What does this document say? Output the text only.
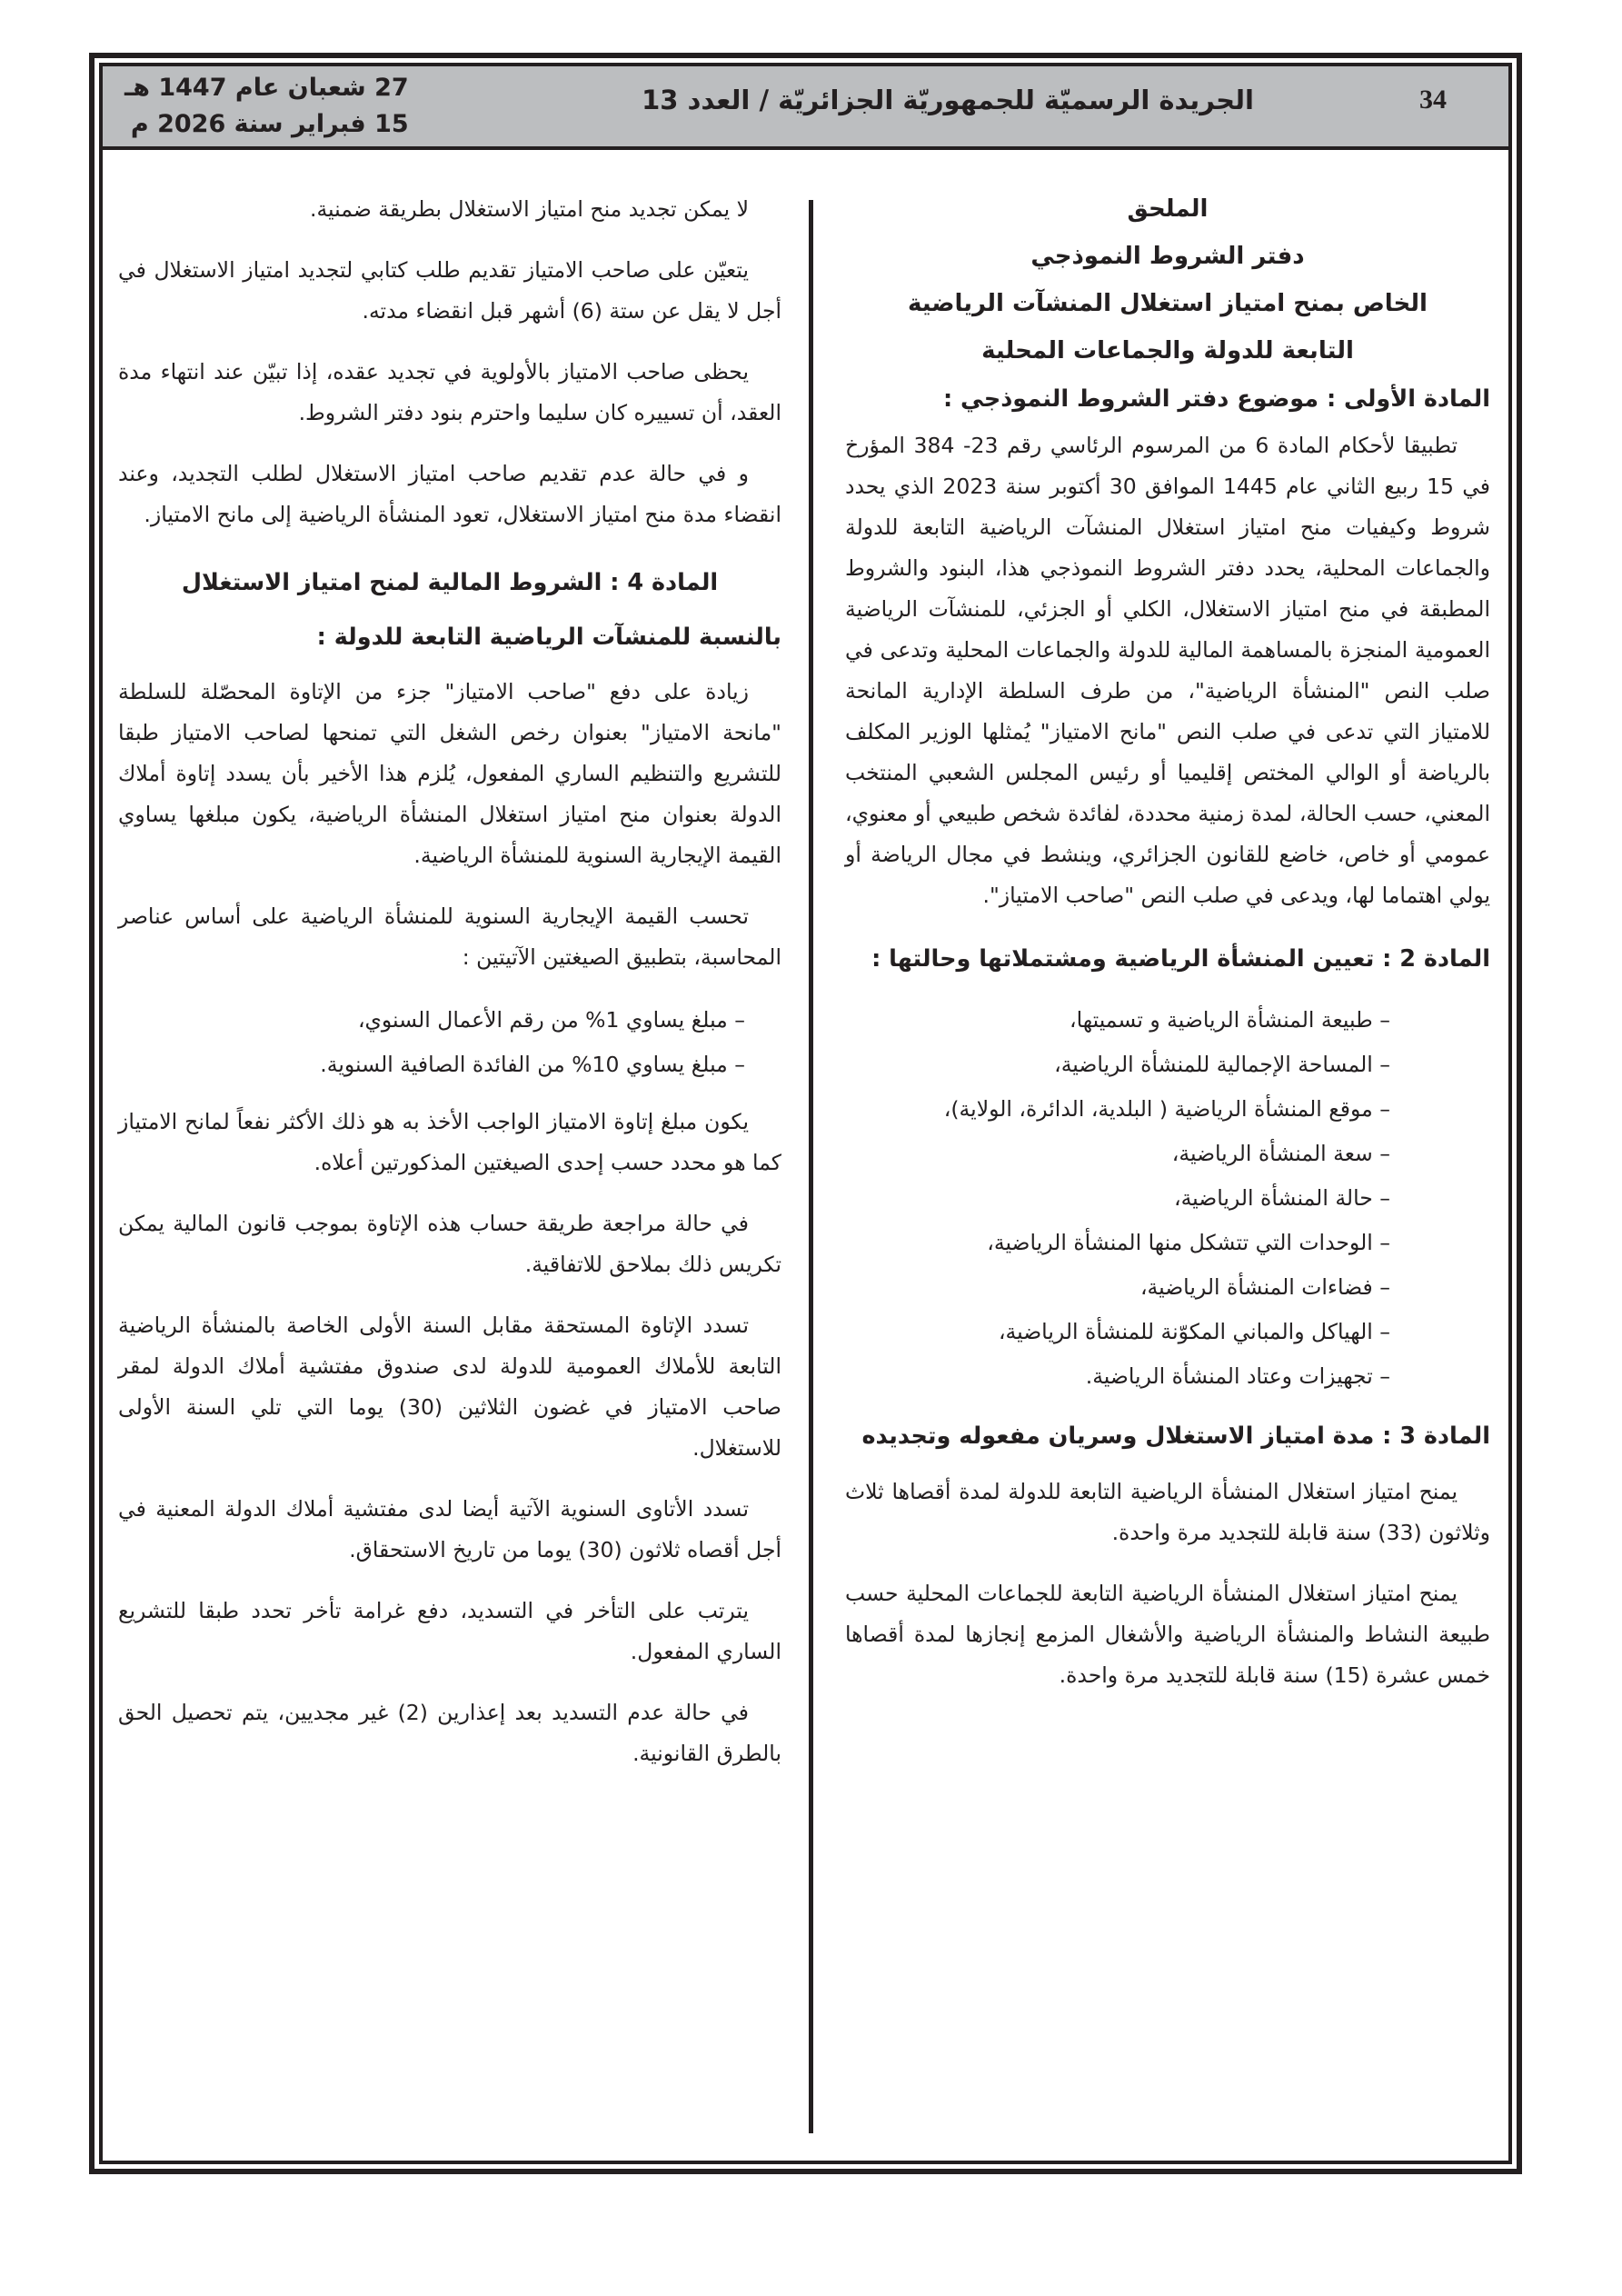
34
الجريدة الرسميّة للجمهوريّة الجزائريّة / العدد 13
27 شعبان عام 1447 هـ
15 فبراير سنة 2026 م
الملحق
دفتر الشروط النموذجي
الخاص بمنح امتياز استغلال المنشآت الرياضية
التابعة للدولة والجماعات المحلية
المادة الأولى : موضوع دفتر الشروط النموذجي :

تطبيقا لأحكام المادة 6 من المرسوم الرئاسي رقم 23- 384 المؤرخ في 15 ربيع الثاني عام 1445 الموافق 30 أكتوبر سنة 2023 الذي يحدد شروط وكيفيات منح امتياز استغلال المنشآت الرياضية التابعة للدولة والجماعات المحلية، يحدد دفتر الشروط النموذجي هذا، البنود والشروط المطبقة في منح امتياز الاستغلال، الكلي أو الجزئي، للمنشآت الرياضية العمومية المنجزة بالمساهمة المالية للدولة والجماعات المحلية وتدعى في صلب النص "المنشأة الرياضية"، من طرف السلطة الإدارية المانحة للامتياز التي تدعى في صلب النص "مانح الامتياز" يُمثلها الوزير المكلف بالرياضة أو الوالي المختص إقليميا أو رئيس المجلس الشعبي المنتخب المعني، حسب الحالة، لمدة زمنية محددة، لفائدة شخص طبيعي أو معنوي، عمومي أو خاص، خاضع للقانون الجزائري، وينشط في مجال الرياضة أو يولي اهتماما لها، ويدعى في صلب النص "صاحب الامتياز".

المادة 2 : تعيين المنشأة الرياضية ومشتملاتها وحالتها :
– طبيعة المنشأة الرياضية و تسميتها،
– المساحة الإجمالية للمنشأة الرياضية،
– موقع المنشأة الرياضية ( البلدية، الدائرة، الولاية)،
– سعة المنشأة الرياضية،
– حالة المنشأة الرياضية،
– الوحدات التي تتشكل منها المنشأة الرياضية،
– فضاءات المنشأة الرياضية،
– الهياكل والمباني المكوّنة للمنشأة الرياضية،
– تجهيزات وعتاد المنشأة الرياضية.
المادة 3 : مدة امتياز الاستغلال وسريان مفعوله وتجديده

يمنح امتياز استغلال المنشأة الرياضية التابعة للدولة لمدة أقصاها ثلاث وثلاثون (33) سنة قابلة للتجديد مرة واحدة.

يمنح امتياز استغلال المنشأة الرياضية التابعة للجماعات المحلية حسب طبيعة النشاط والمنشأة الرياضية والأشغال المزمع إنجازها لمدة أقصاها خمس عشرة (15) سنة قابلة للتجديد مرة واحدة.

لا يمكن تجديد منح امتياز الاستغلال بطريقة ضمنية.

يتعيّن على صاحب الامتياز تقديم طلب كتابي لتجديد امتياز الاستغلال في أجل لا يقل عن ستة (6) أشهر قبل انقضاء مدته.

يحظى صاحب الامتياز بالأولوية في تجديد عقده، إذا تبيّن عند انتهاء مدة العقد، أن تسييره كان سليما واحترم بنود دفتر الشروط.

و في حالة عدم تقديم صاحب امتياز الاستغلال لطلب التجديد، وعند انقضاء مدة منح امتياز الاستغلال، تعود المنشأة الرياضية إلى مانح الامتياز.

المادة 4 : الشروط المالية لمنح امتياز الاستغلال
بالنسبة للمنشآت الرياضية التابعة للدولة :

زيادة على دفع "صاحب الامتياز" جزء من الإتاوة المحصّلة للسلطة "مانحة الامتياز" بعنوان رخص الشغل التي تمنحها لصاحب الامتياز طبقا للتشريع والتنظيم الساري المفعول، يُلزم هذا الأخير بأن يسدد إتاوة أملاك الدولة بعنوان منح امتياز استغلال المنشأة الرياضية، يكون مبلغها يساوي القيمة الإيجارية السنوية للمنشأة الرياضية.

تحسب القيمة الإيجارية السنوية للمنشأة الرياضية على أساس عناصر المحاسبة، بتطبيق الصيغتين الآتيتين :

– مبلغ يساوي 1% من رقم الأعمال السنوي،
– مبلغ يساوي 10% من الفائدة الصافية السنوية.

يكون مبلغ إتاوة الامتياز الواجب الأخذ به هو ذلك الأكثر نفعاً لمانح الامتياز كما هو محدد حسب إحدى الصيغتين المذكورتين أعلاه.

في حالة مراجعة طريقة حساب هذه الإتاوة بموجب قانون المالية يمكن تكريس ذلك بملاحق للاتفاقية.

تسدد الإتاوة المستحقة مقابل السنة الأولى الخاصة بالمنشأة الرياضية التابعة للأملاك العمومية للدولة لدى صندوق مفتشية أملاك الدولة لمقر صاحب الامتياز في غضون الثلاثين (30) يوما التي تلي السنة الأولى للاستغلال.

تسدد الأتاوى السنوية الآتية أيضا لدى مفتشية أملاك الدولة المعنية في أجل أقصاه ثلاثون (30) يوما من تاريخ الاستحقاق.

يترتب على التأخر في التسديد، دفع غرامة تأخر تحدد طبقا للتشريع الساري المفعول.

في حالة عدم التسديد بعد إعذارين (2) غير مجديين، يتم تحصيل الحق بالطرق القانونية.
